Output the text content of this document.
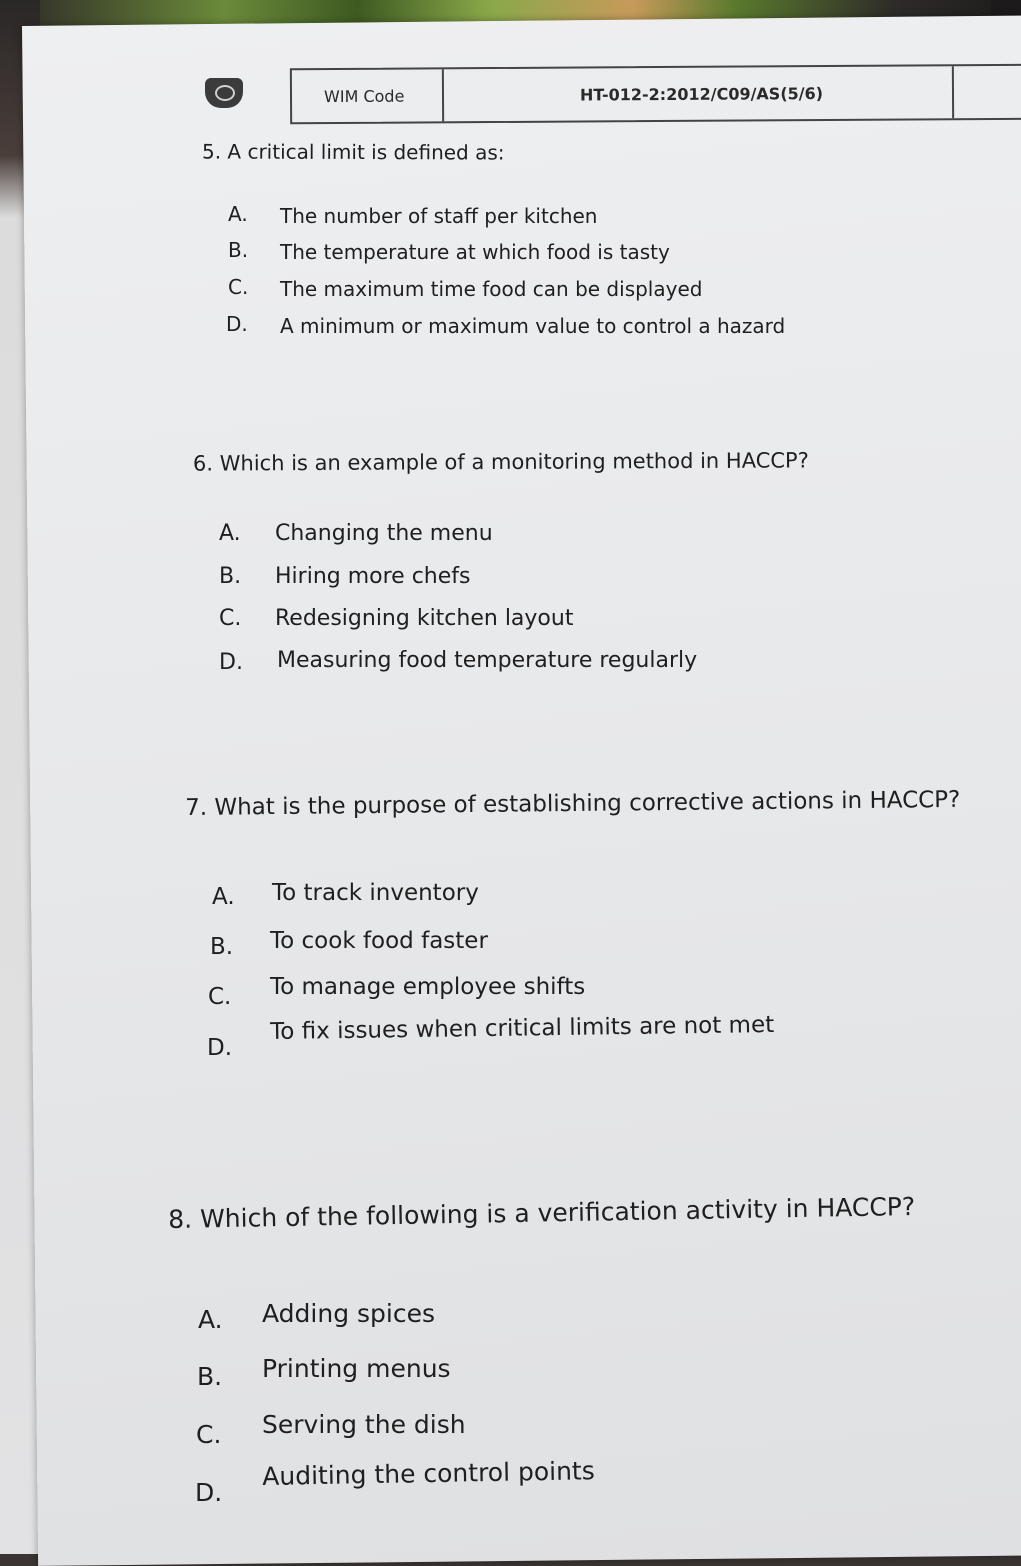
WIM Code	HT-012-2:2012/C09/AS(5/6)
5. A critical limit is defined as:
A. The number of staff per kitchen
B. The temperature at which food is tasty
C. The maximum time food can be displayed
D. A minimum or maximum value to control a hazard
6. Which is an example of a monitoring method in HACCP?
A. Changing the menu
B. Hiring more chefs
C. Redesigning kitchen layout
D. Measuring food temperature regularly
7. What is the purpose of establishing corrective actions in HACCP?
A. To track inventory
B. To cook food faster
C. To manage employee shifts
D.
To fix issues when critical limits are not met
8. Which of the following is a verification activity in HACCP?
A. Adding spices
B. Printing menus
C. Serving the dish
D.
Auditing the control points
